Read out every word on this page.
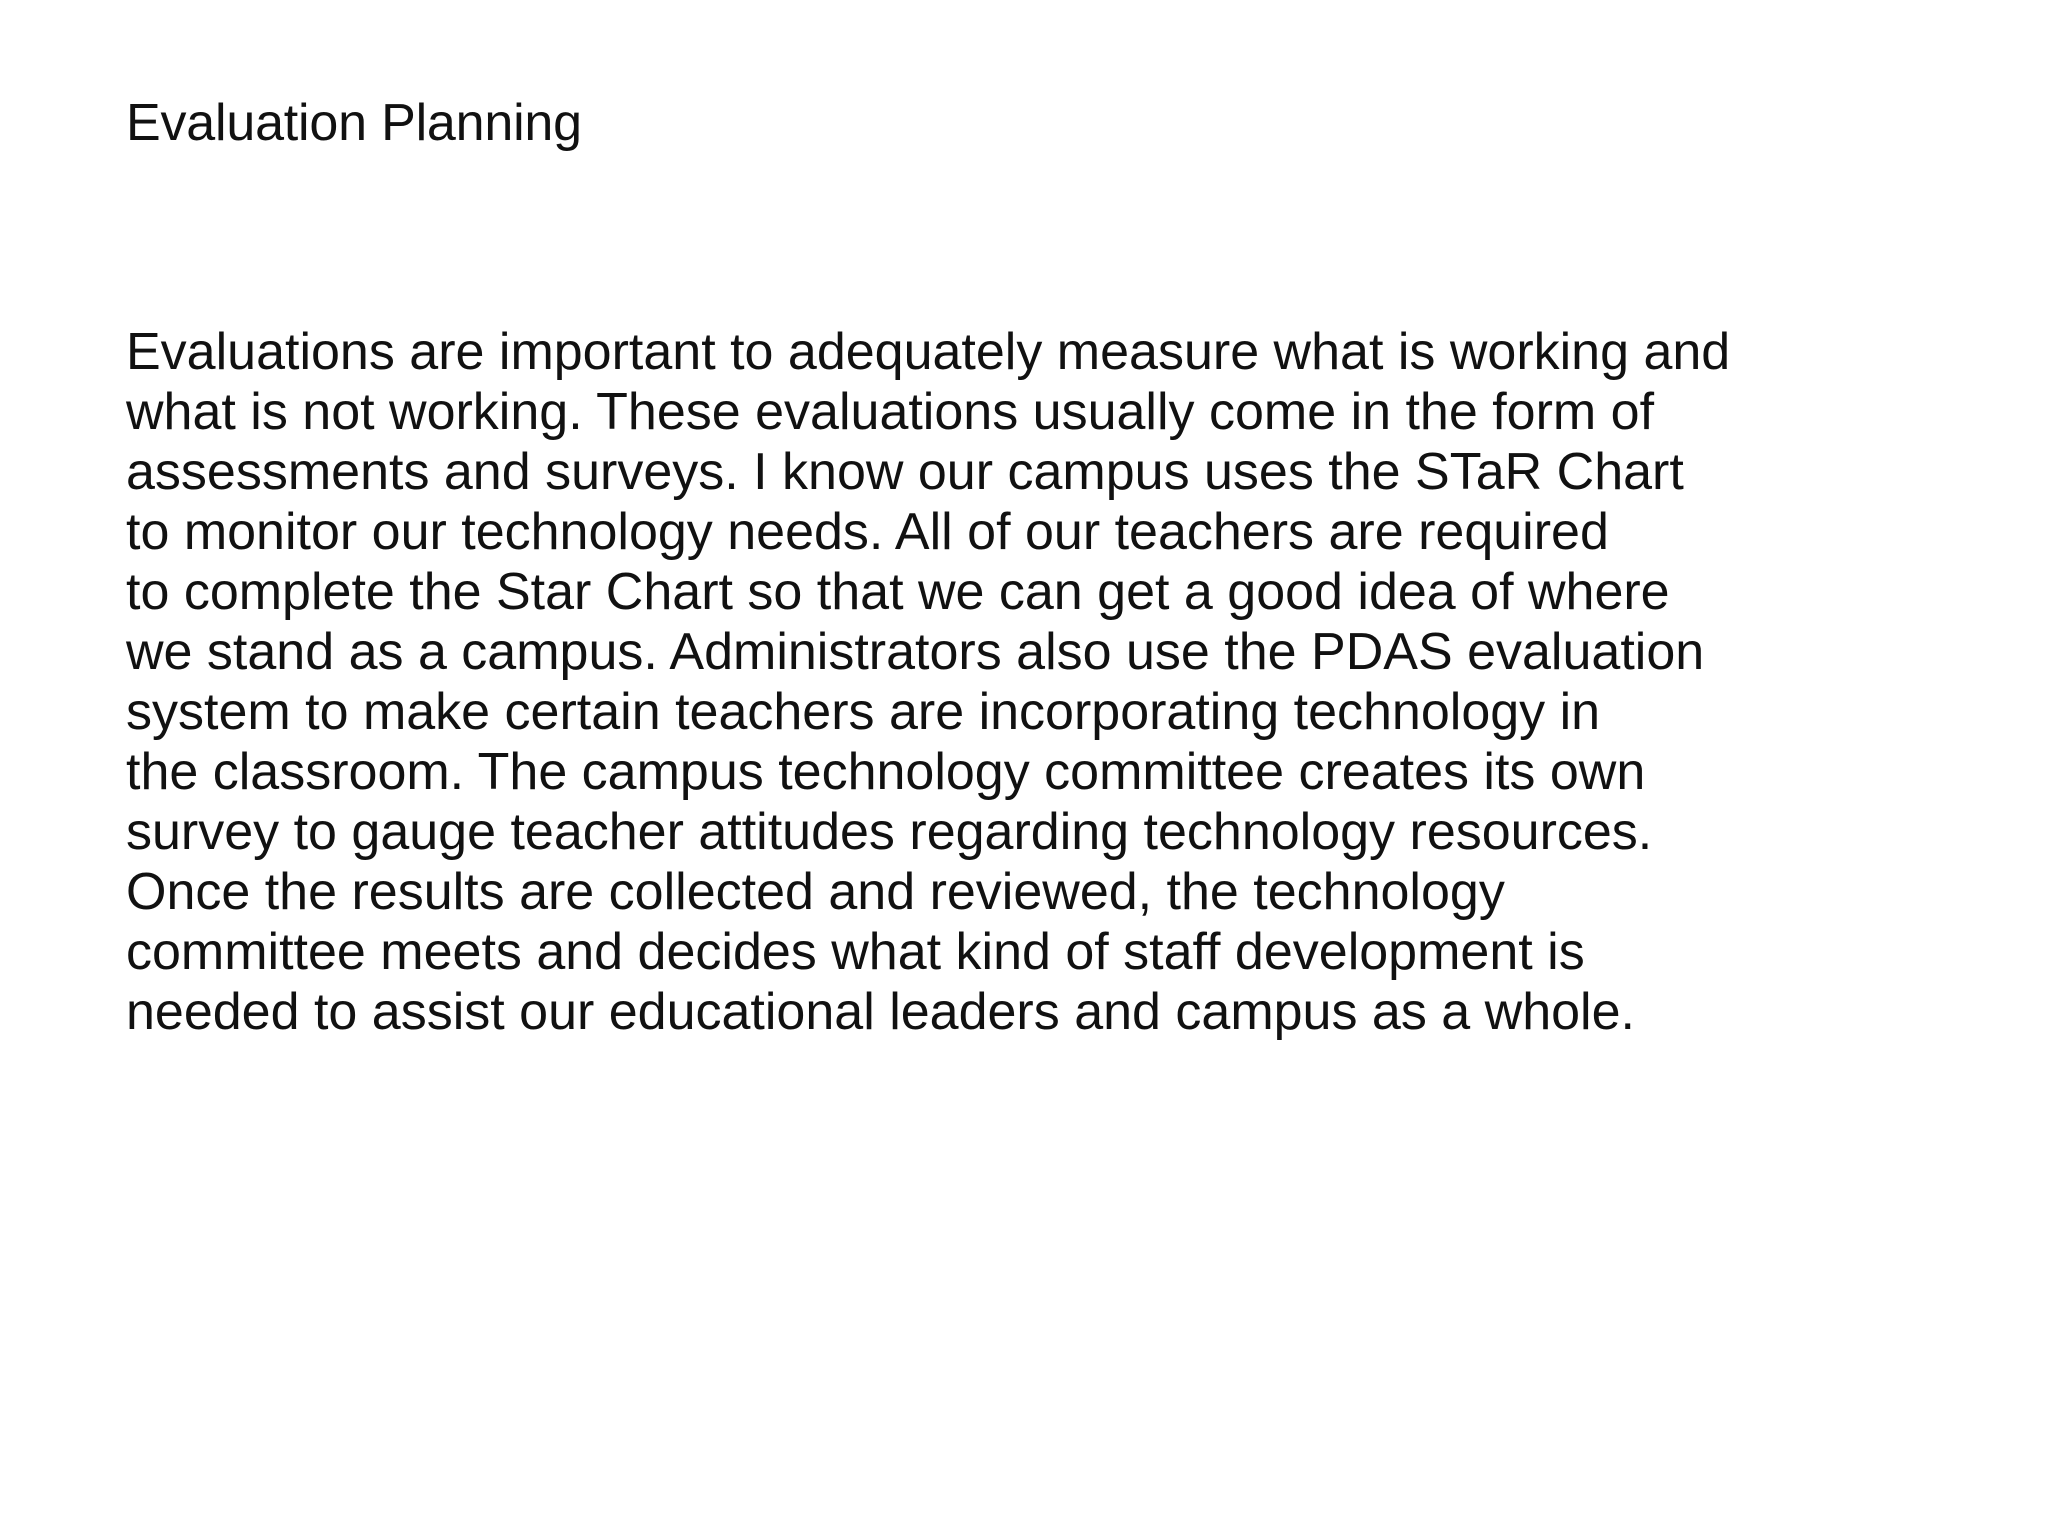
Evaluation Planning

Evaluations are important to adequately measure what is working and
what is not working. These evaluations usually come in the form of
assessments and surveys. I know our campus uses the STaR Chart
to monitor our technology needs. All of our teachers are required
to complete the Star Chart so that we can get a good idea of where
we stand as a campus. Administrators also use the PDAS evaluation
system to make certain teachers are incorporating technology in
the classroom. The campus technology committee creates its own
survey to gauge teacher attitudes regarding technology resources.
Once the results are collected and reviewed, the technology
committee meets and decides what kind of staff development is
needed to assist our educational leaders and campus as a whole.
